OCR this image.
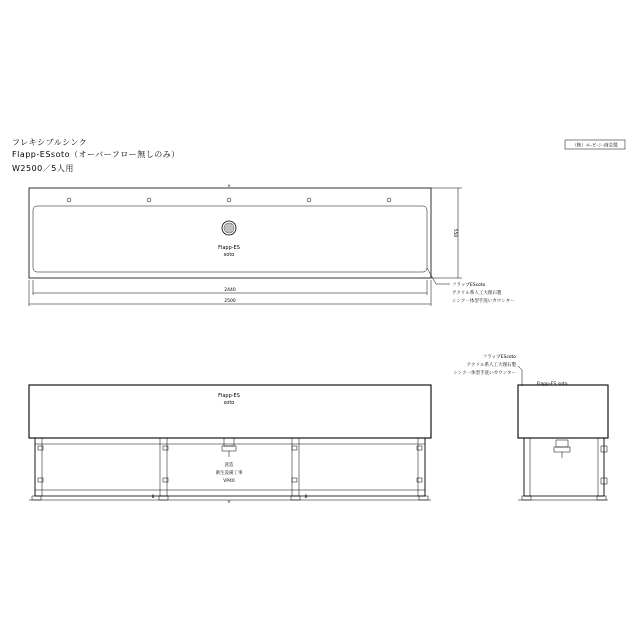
フレキシブルシンク
Flapp-ESsoto（オーバーフロー無しのみ）
W2500／5人用
（株）エ-ビ-シ-商会製
×
Flapp-ES
soto
2440
2500
550
フラップESsoto
アクリル系人工大理石製
シンク一体型手洗いカウンター
Flapp-ES
soto
×
8	8
洗造
衛生設備工事
VP40
Flapp-ES soto
フラップESsoto
アクリル系人工大理石製
シンク一体型手洗いカウンター
